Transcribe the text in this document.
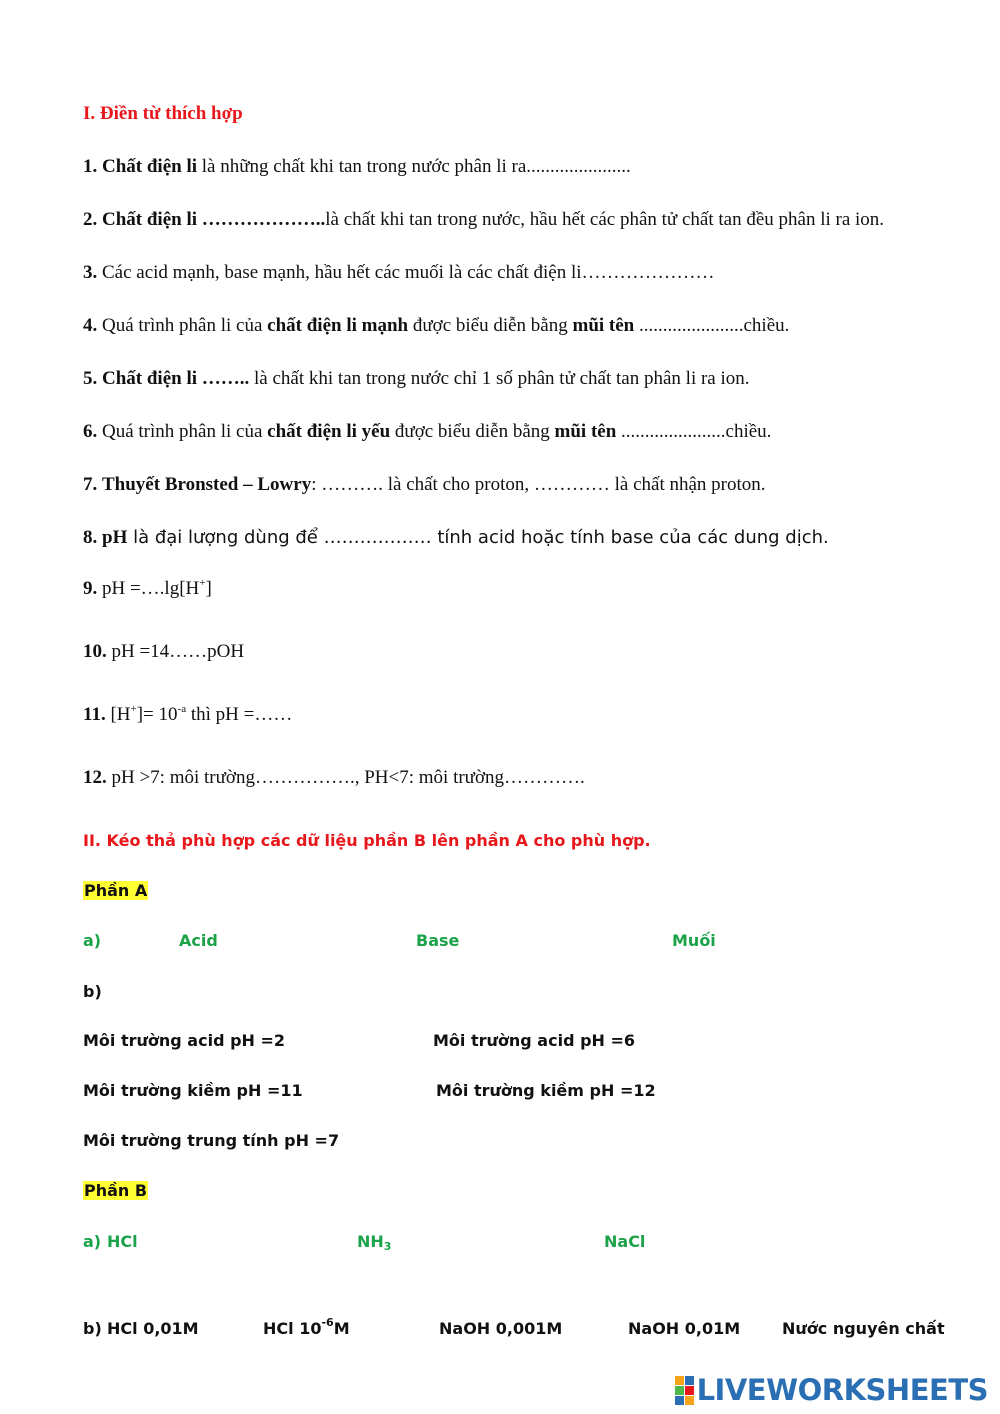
I. Điền từ thích hợp
1. Chất điện li là những chất khi tan trong nước phân li ra......................
2. Chất điện li ………………..là chất khi tan trong nước, hầu hết các phân tử chất tan đều phân li ra ion.
3. Các acid mạnh, base mạnh, hầu hết các muối là các chất điện li…………………
4. Quá trình phân li của chất điện li mạnh được biểu diễn bằng mũi tên ......................chiều.
5. Chất điện li …….. là chất khi tan trong nước chỉ 1 số phân tử chất tan phân li ra ion.
6. Quá trình phân li của chất điện li yếu được biểu diễn bằng mũi tên ......................chiều.
7. Thuyết Bronsted – Lowry: ………. là chất cho proton, ………… là chất nhận proton.
8. pH là đại lượng dùng để ……………… tính acid hoặc tính base của các dung dịch.
9. pH =….lg[H+]
10. pH =14……pOH
11. $[H^+]= 10^{-a}$ thì pH =……
12. pH >7: môi trường……………., PH<7: môi trường………….
II. Kéo thả phù hợp các dữ liệu phần B lên phần A cho phù hợp.
Phần A
a)	Acid	Base	Muối
b)
Môi trường acid pH =2	Môi trường acid pH =6
Môi trường kiềm pH =11	Môi trường kiềm pH =12
Môi trường trung tính pH =7
Phần B
a) HCl	$NH_3$	NaCl
b) HCl 0,01M	HCl $10^{-6}M$	NaOH 0,001M	NaOH 0,01M	Nước nguyên chất
LIVEWORKSHEETS
